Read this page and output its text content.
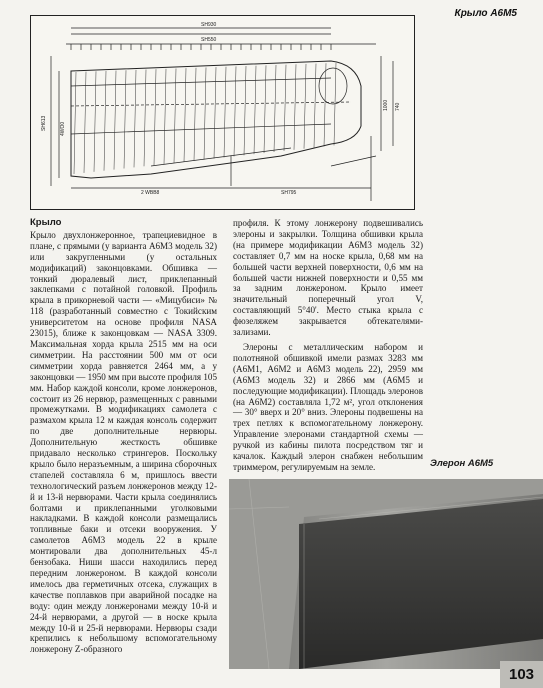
Крыло А6М5
SH930
SH550
2 WBB8	SH795
SH613	4WO0
1000 740
Крыло

Крыло двухлонжеронное, трапециевидное в плане, с прямыми (у варианта А6М3 модель 32) или закругленными (у остальных модификаций) законцовками. Обшивка — тонкий дюралевый лист, приклепанный заклепками с потайной головкой. Профиль крыла в прикорневой части — «Мицубиси» № 118 (разработанный совместно с Токийским университетом на основе профиля NASA 23015), ближе к законцовкам — NASA 3309. Максимальная хорда крыла 2515 мм на оси симметрии. На расстоянии 500 мм от оси симметрии хорда равняется 2464 мм, а у законцовки — 1950 мм при высоте профиля 105 мм. Набор каждой консоли, кроме лонжеронов, состоит из 26 нервюр, размещенных с равными промежутками. В модификациях самолета с размахом крыла 12 м каждая консоль содержит по две дополнительные нервюры. Дополнительную жесткость обшивке придавало несколько стрингеров. Поскольку крыло было неразъемным, а ширина сборочных стапелей составляла 6 м, пришлось ввести технологический разъем лонжеронов между 12-й и 13-й нервюрами. Части крыла соединялись болтами и приклепанными уголковыми накладками. В каждой консоли размещались топливные баки и отсеки вооружения. У самолетов А6М3 модель 22 в крыле монтировали два дополнительных 45-л бензобака. Ниши шасси находились перед передним лонжероном. В каждой консоли имелось два герметичных отсека, служащих в качестве поплавков при аварийной посадке на воду: один между лонжеронами между 10-й и 24-й нервюрами, а другой — в носке крыла между 10-й и 25-й нервюрами. Нервюры сзади крепились к небольшому вспомогательному лонжерону Z-образного

профиля. К этому лонжерону подвешивались элероны и закрылки. Толщина обшивки крыла (на примере модификации А6М3 модель 32) составляет 0,7 мм на носке крыла, 0,68 мм на большей части верхней поверхности, 0,6 мм на большей части нижней поверхности и 0,55 мм за задним лонжероном. Крыло имеет значительный поперечный угол V, составляющий 5°40'. Место стыка крыла с фюзеляжем закрывается обтекателями-зализами.

Элероны с металлическим набором и полотняной обшивкой имели размах 3283 мм (А6М1, А6М2 и А6М3 модель 22), 2959 мм (А6М3 модель 32) и 2866 мм (А6М5 и последующие модификации). Площадь элеронов (на А6М2) составляла 1,72 м², угол отклонения — 30° вверх и 20° вниз. Элероны подвешены на трех петлях к вспомогательному лонжерону. Управление элеронами стандартной схемы — ручкой из кабины пилота посредством тяг и качалок. Каждый элерон снабжен небольшим триммером, регулируемым на земле.	Элерон А6М5
103
